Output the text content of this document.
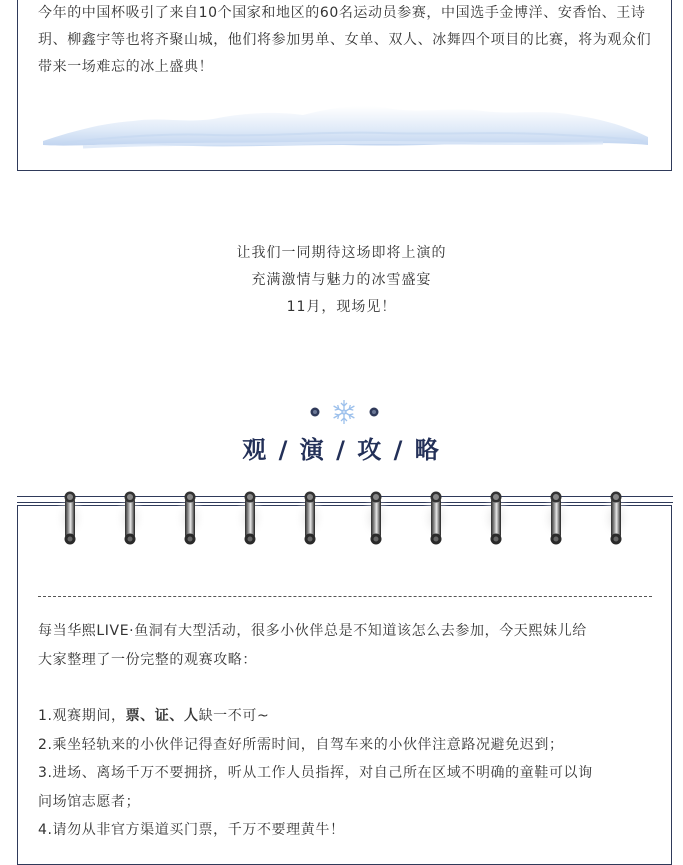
今年的中国杯吸引了来自10个国家和地区的60名运动员参赛，中国选手金博洋、安香怡、王诗玥、柳鑫宇等也将齐聚山城，他们将参加男单、女单、双人、冰舞四个项目的比赛，将为观众们带来一场难忘的冰上盛典！

让我们一同期待这场即将上演的
充满激情与魅力的冰雪盛宴
11月，现场见！
观 / 演 / 攻 / 略
每当华熙LIVE·鱼洞有大型活动，很多小伙伴总是不知道该怎么去参加，今天熙妹儿给
大家整理了一份完整的观赛攻略：
1.观赛期间，票、证、人缺一不可~
2.乘坐轻轨来的小伙伴记得查好所需时间，自驾车来的小伙伴注意路况避免迟到；
3.进场、离场千万不要拥挤，听从工作人员指挥，对自己所在区域不明确的童鞋可以询
问场馆志愿者；
4.请勿从非官方渠道买门票，千万不要理黄牛！
